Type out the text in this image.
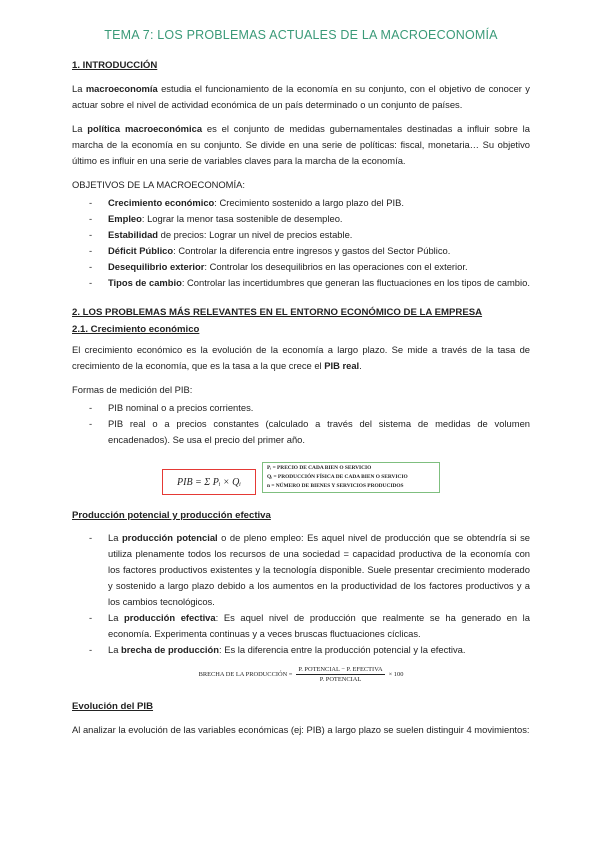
TEMA 7: LOS PROBLEMAS ACTUALES DE LA MACROECONOMÍA
1. INTRODUCCIÓN

La macroeconomía estudia el funcionamiento de la economía en su conjunto, con el objetivo de conocer y actuar sobre el nivel de actividad económica de un país determinado o un conjunto de países.

La política macroeconómica es el conjunto de medidas gubernamentales destinadas a influir sobre la marcha de la economía en su conjunto. Se divide en una serie de políticas: fiscal, monetaria… Su objetivo último es influir en una serie de variables claves para la marcha de la economía.

OBJETIVOS DE LA MACROECONOMÍA:

- Crecimiento económico: Crecimiento sostenido a largo plazo del PIB.
- Empleo: Lograr la menor tasa sostenible de desempleo.
- Estabilidad de precios: Lograr un nivel de precios estable.
- Déficit Público: Controlar la diferencia entre ingresos y gastos del Sector Público.
- Desequilibrio exterior: Controlar los desequilibrios en las operaciones con el exterior.
- Tipos de cambio: Controlar las incertidumbres que generan las fluctuaciones en los tipos de cambio.
2. LOS PROBLEMAS MÁS RELEVANTES EN EL ENTORNO ECONÓMICO DE LA EMPRESA
2.1. Crecimiento económico

El crecimiento económico es la evolución de la economía a largo plazo. Se mide a través de la tasa de crecimiento de la economía, que es la tasa a la que crece el PIB real.

Formas de medición del PIB:

- PIB nominal o a precios corrientes.
- PIB real o a precios constantes (calculado a través del sistema de medidas de volumen encadenados). Se usa el precio del primer año.
PIB = Σ Pᵢ × Qᵢ
Pᵢ = PRECIO DE CADA BIEN O SERVICIO
Qᵢ = PRODUCCIÓN FÍSICA DE CADA BIEN O SERVICIO
n = NÚMERO DE BIENES Y SERVICIOS PRODUCIDOS
Producción potencial y producción efectiva
- La producción potencial o de pleno empleo: Es aquel nivel de producción que se obtendría si se utiliza plenamente todos los recursos de una sociedad = capacidad productiva de la economía con los factores productivos existentes y la tecnología disponible. Suele presentar crecimiento moderado y sostenido a largo plazo debido a los aumentos en la productividad de los factores productivos y a los cambios tecnológicos.
- La producción efectiva: Es aquel nivel de producción que realmente se ha generado en la economía. Experimenta continuas y a veces bruscas fluctuaciones cíclicas.
- La brecha de producción: Es la diferencia entre la producción potencial y la efectiva.
BRECHA DE LA PRODUCCIÓN = $\frac{\text{P. POTENCIAL − P. EFECTIVA}}{\text{P. POTENCIAL}} \times 100$
Evolución del PIB

Al analizar la evolución de las variables económicas (ej: PIB) a largo plazo se suelen distinguir 4 movimientos:
